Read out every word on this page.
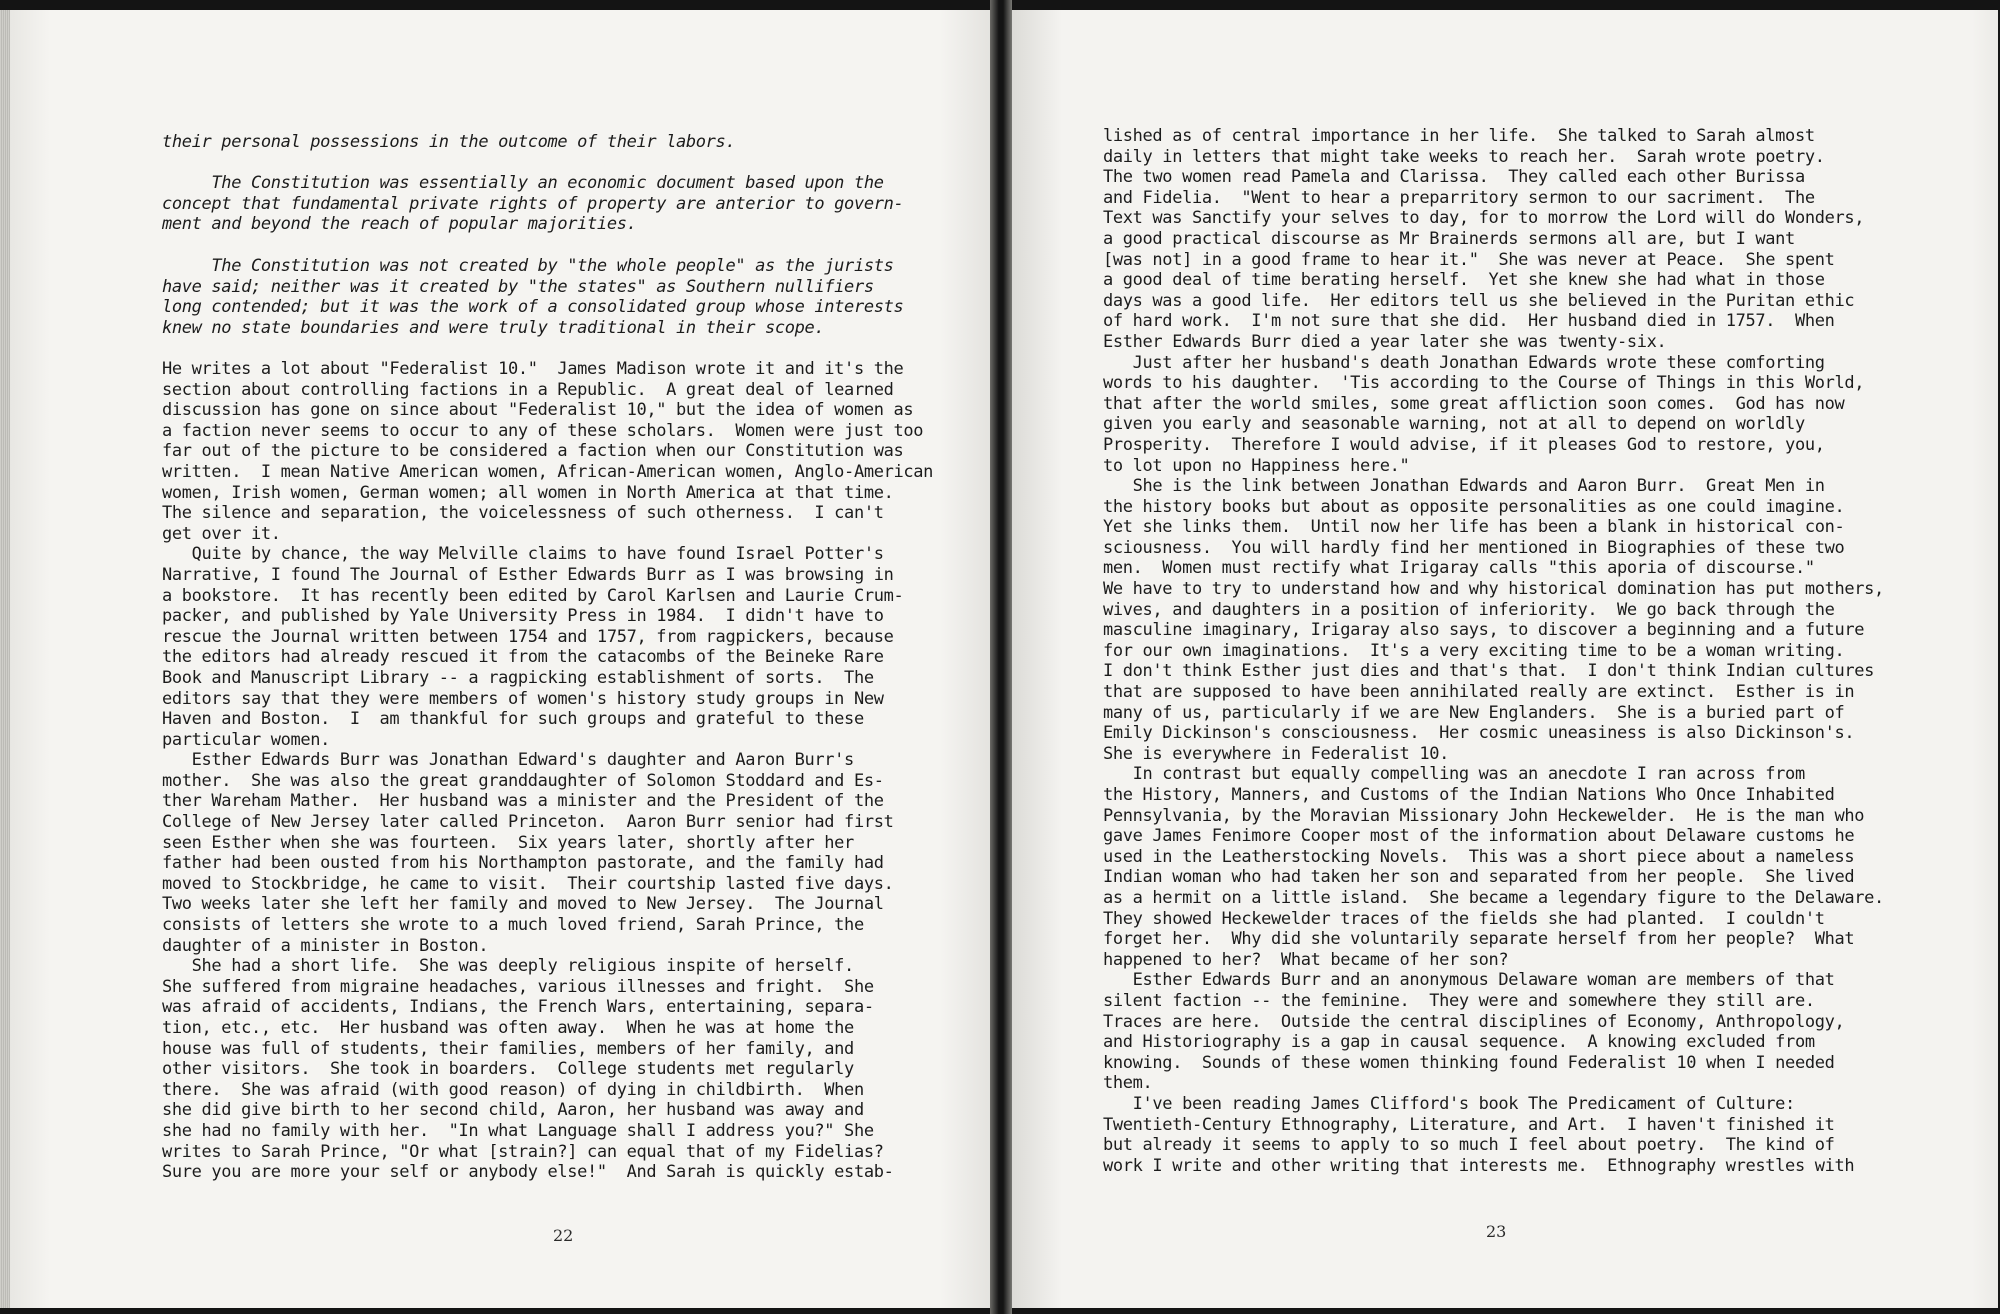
their personal possessions in the outcome of their labors.
The Constitution was essentially an economic document based upon the
concept that fundamental private rights of property are anterior to govern-
ment and beyond the reach of popular majorities.
The Constitution was not created by "the whole people" as the jurists
have said; neither was it created by "the states" as Southern nullifiers
long contended; but it was the work of a consolidated group whose interests
knew no state boundaries and were truly traditional in their scope.
He writes a lot about "Federalist 10."  James Madison wrote it and it's the
section about controlling factions in a Republic.  A great deal of learned
discussion has gone on since about "Federalist 10," but the idea of women as
a faction never seems to occur to any of these scholars.  Women were just too
far out of the picture to be considered a faction when our Constitution was
written.  I mean Native American women, African-American women, Anglo-American
women, Irish women, German women; all women in North America at that time.
The silence and separation, the voicelessness of such otherness.  I can't
get over it.
Quite by chance, the way Melville claims to have found Israel Potter's
Narrative, I found The Journal of Esther Edwards Burr as I was browsing in
a bookstore.  It has recently been edited by Carol Karlsen and Laurie Crum-
packer, and published by Yale University Press in 1984.  I didn't have to
rescue the Journal written between 1754 and 1757, from ragpickers, because
the editors had already rescued it from the catacombs of the Beineke Rare
Book and Manuscript Library -- a ragpicking establishment of sorts.  The
editors say that they were members of women's history study groups in New
Haven and Boston.  I  am thankful for such groups and grateful to these
particular women.
Esther Edwards Burr was Jonathan Edward's daughter and Aaron Burr's
mother.  She was also the great granddaughter of Solomon Stoddard and Es-
ther Wareham Mather.  Her husband was a minister and the President of the
College of New Jersey later called Princeton.  Aaron Burr senior had first
seen Esther when she was fourteen.  Six years later, shortly after her
father had been ousted from his Northampton pastorate, and the family had
moved to Stockbridge, he came to visit.  Their courtship lasted five days.
Two weeks later she left her family and moved to New Jersey.  The Journal
consists of letters she wrote to a much loved friend, Sarah Prince, the
daughter of a minister in Boston.
She had a short life.  She was deeply religious inspite of herself.
She suffered from migraine headaches, various illnesses and fright.  She
was afraid of accidents, Indians, the French Wars, entertaining, separa-
tion, etc., etc.  Her husband was often away.  When he was at home the
house was full of students, their families, members of her family, and
other visitors.  She took in boarders.  College students met regularly
there.  She was afraid (with good reason) of dying in childbirth.  When
she did give birth to her second child, Aaron, her husband was away and
she had no family with her.  "In what Language shall I address you?" She
writes to Sarah Prince, "Or what [strain?] can equal that of my Fidelias?
Sure you are more your self or anybody else!"  And Sarah is quickly estab-
22
lished as of central importance in her life.  She talked to Sarah almost
daily in letters that might take weeks to reach her.  Sarah wrote poetry.
The two women read Pamela and Clarissa.  They called each other Burissa
and Fidelia.  "Went to hear a preparritory sermon to our sacriment.  The
Text was Sanctify your selves to day, for to morrow the Lord will do Wonders,
a good practical discourse as Mr Brainerds sermons all are, but I want
[was not] in a good frame to hear it."  She was never at Peace.  She spent
a good deal of time berating herself.  Yet she knew she had what in those
days was a good life.  Her editors tell us she believed in the Puritan ethic
of hard work.  I'm not sure that she did.  Her husband died in 1757.  When
Esther Edwards Burr died a year later she was twenty-six.
Just after her husband's death Jonathan Edwards wrote these comforting
words to his daughter.  'Tis according to the Course of Things in this World,
that after the world smiles, some great affliction soon comes.  God has now
given you early and seasonable warning, not at all to depend on worldly
Prosperity.  Therefore I would advise, if it pleases God to restore, you,
to lot upon no Happiness here."
She is the link between Jonathan Edwards and Aaron Burr.  Great Men in
the history books but about as opposite personalities as one could imagine.
Yet she links them.  Until now her life has been a blank in historical con-
sciousness.  You will hardly find her mentioned in Biographies of these two
men.  Women must rectify what Irigaray calls "this aporia of discourse."
We have to try to understand how and why historical domination has put mothers,
wives, and daughters in a position of inferiority.  We go back through the
masculine imaginary, Irigaray also says, to discover a beginning and a future
for our own imaginations.  It's a very exciting time to be a woman writing.
I don't think Esther just dies and that's that.  I don't think Indian cultures
that are supposed to have been annihilated really are extinct.  Esther is in
many of us, particularly if we are New Englanders.  She is a buried part of
Emily Dickinson's consciousness.  Her cosmic uneasiness is also Dickinson's.
She is everywhere in Federalist 10.
In contrast but equally compelling was an anecdote I ran across from
the History, Manners, and Customs of the Indian Nations Who Once Inhabited
Pennsylvania, by the Moravian Missionary John Heckewelder.  He is the man who
gave James Fenimore Cooper most of the information about Delaware customs he
used in the Leatherstocking Novels.  This was a short piece about a nameless
Indian woman who had taken her son and separated from her people.  She lived
as a hermit on a little island.  She became a legendary figure to the Delaware.
They showed Heckewelder traces of the fields she had planted.  I couldn't
forget her.  Why did she voluntarily separate herself from her people?  What
happened to her?  What became of her son?
Esther Edwards Burr and an anonymous Delaware woman are members of that
silent faction -- the feminine.  They were and somewhere they still are.
Traces are here.  Outside the central disciplines of Economy, Anthropology,
and Historiography is a gap in causal sequence.  A knowing excluded from
knowing.  Sounds of these women thinking found Federalist 10 when I needed
them.
I've been reading James Clifford's book The Predicament of Culture:
Twentieth-Century Ethnography, Literature, and Art.  I haven't finished it
but already it seems to apply to so much I feel about poetry.  The kind of
work I write and other writing that interests me.  Ethnography wrestles with
23
